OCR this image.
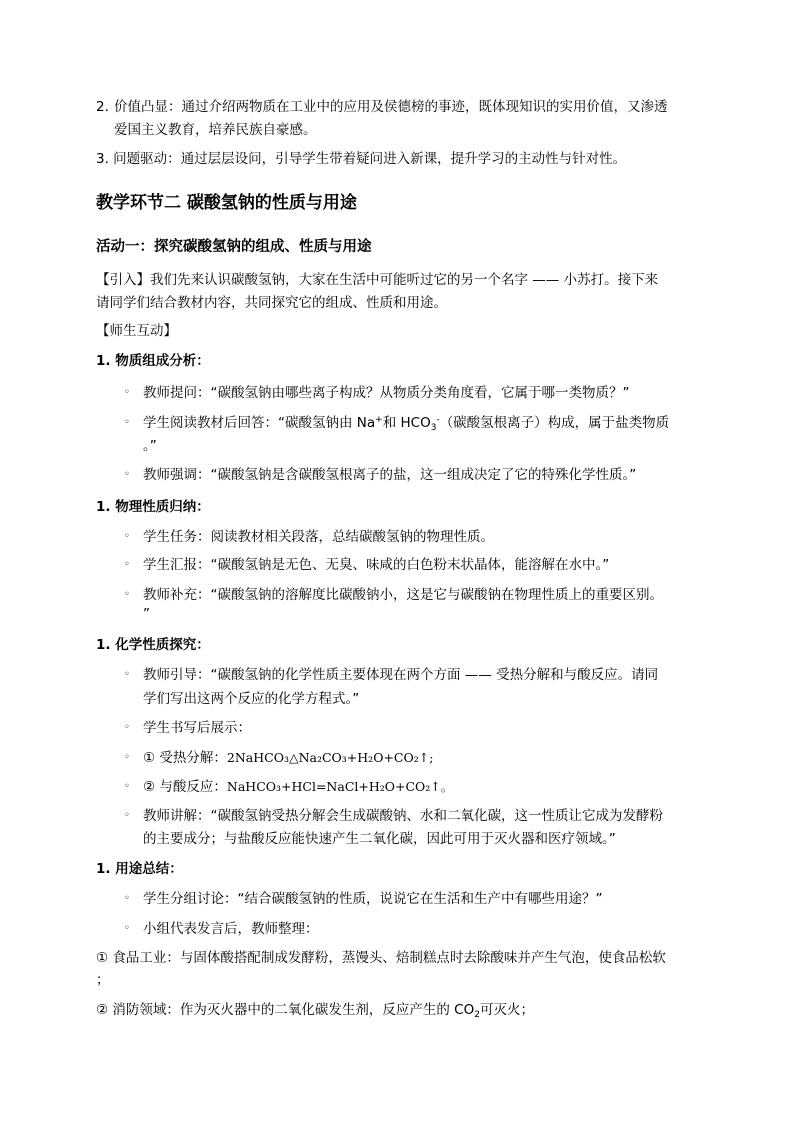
2. 价值凸显：通过介绍两物质在工业中的应用及侯德榜的事迹，既体现知识的实用价值，又渗透
爱国主义教育，培养民族自豪感。
3. 问题驱动：通过层层设问，引导学生带着疑问进入新课，提升学习的主动性与针对性。
教学环节二 碳酸氢钠的性质与用途
活动一：探究碳酸氢钠的组成、性质与用途
【引入】我们先来认识碳酸氢钠，大家在生活中可能听过它的另一个名字 —— 小苏打。接下来
请同学们结合教材内容，共同探究它的组成、性质和用途。
【师生互动】
1. 物质组成分析：
◦ 教师提问：“碳酸氢钠由哪些离子构成？从物质分类角度看，它属于哪一类物质？”
◦ 学生阅读教材后回答：“碳酸氢钠由 Na+和 $HCO_3^-$（碳酸氢根离子）构成，属于盐类物质
。”
◦ 教师强调：“碳酸氢钠是含碳酸氢根离子的盐，这一组成决定了它的特殊化学性质。”
1. 物理性质归纳：
◦ 学生任务：阅读教材相关段落，总结碳酸氢钠的物理性质。
◦ 学生汇报：“碳酸氢钠是无色、无臭、味咸的白色粉末状晶体，能溶解在水中。”
◦ 教师补充：“碳酸氢钠的溶解度比碳酸钠小，这是它与碳酸钠在物理性质上的重要区别。
”
1. 化学性质探究：
◦ 教师引导：“碳酸氢钠的化学性质主要体现在两个方面 —— 受热分解和与酸反应。请同
学们写出这两个反应的化学方程式。”
◦ 学生书写后展示：
◦ ① 受热分解：2NaHCO₃△Na₂CO₃+H₂O+CO₂↑;
◦ ② 与酸反应：NaHCO₃+HCl=NaCl+H₂O+CO₂↑。
◦ 教师讲解：“碳酸氢钠受热分解会生成碳酸钠、水和二氧化碳，这一性质让它成为发酵粉
的主要成分；与盐酸反应能快速产生二氧化碳，因此可用于灭火器和医疗领域。”
1. 用途总结：
◦ 学生分组讨论：“结合碳酸氢钠的性质，说说它在生活和生产中有哪些用途？”
◦ 小组代表发言后，教师整理：
① 食品工业：与固体酸搭配制成发酵粉，蒸馒头、焙制糕点时去除酸味并产生气泡，使食品松软
；
② 消防领域：作为灭火器中的二氧化碳发生剂，反应产生的 $CO_2$可灭火；
